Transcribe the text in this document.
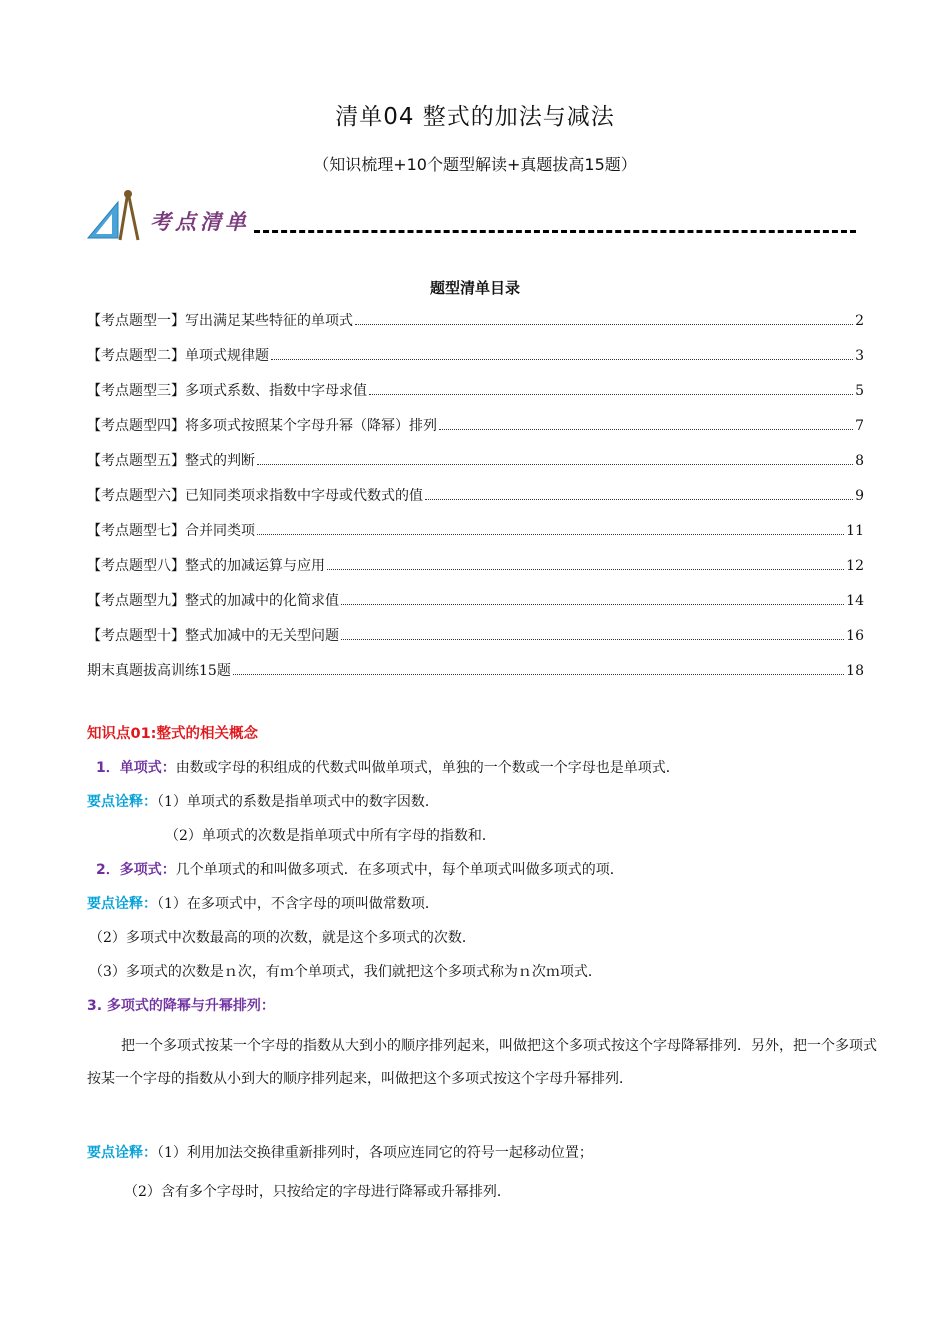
清单04 整式的加法与减法
（知识梳理+10个题型解读+真题拔高15题）
考点清单
题型清单目录
【考点题型一】写出满足某些特征的单项式	2
【考点题型二】单项式规律题	3
【考点题型三】多项式系数、指数中字母求值	5
【考点题型四】将多项式按照某个字母升幂（降幂）排列	7
【考点题型五】整式的判断	8
【考点题型六】已知同类项求指数中字母或代数式的值	9
【考点题型七】合并同类项	11
【考点题型八】整式的加减运算与应用	12
【考点题型九】整式的加减中的化简求值	14
【考点题型十】整式加减中的无关型问题	16
期末真题拔高训练15题	18
知识点01:整式的相关概念
1．单项式：由数或字母的积组成的代数式叫做单项式，单独的一个数或一个字母也是单项式．
要点诠释：（1）单项式的系数是指单项式中的数字因数．
（2）单项式的次数是指单项式中所有字母的指数和．
2．多项式：几个单项式的和叫做多项式．在多项式中，每个单项式叫做多项式的项．
要点诠释：（1）在多项式中，不含字母的项叫做常数项．
（2）多项式中次数最高的项的次数，就是这个多项式的次数．
（3）多项式的次数是ｎ次，有ｍ个单项式，我们就把这个多项式称为ｎ次ｍ项式．
3. 多项式的降幂与升幂排列：
把一个多项式按某一个字母的指数从大到小的顺序排列起来，叫做把这个多项式按这个字母降幂排列．另外，把一个多项式按某一个字母的指数从小到大的顺序排列起来，叫做把这个多项式按这个字母升幂排列．
要点诠释：（1）利用加法交换律重新排列时，各项应连同它的符号一起移动位置；
（2）含有多个字母时，只按给定的字母进行降幂或升幂排列．
